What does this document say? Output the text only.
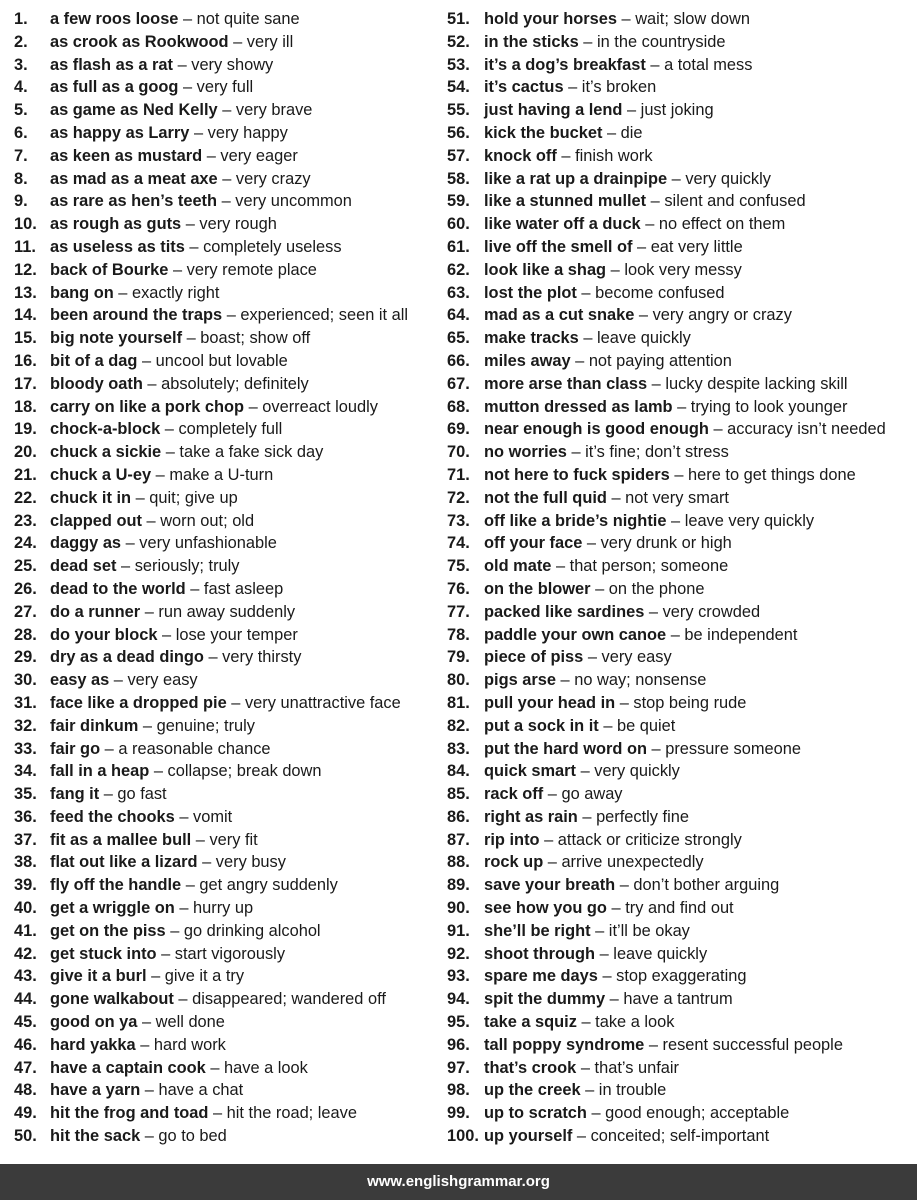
1.	a few roos loose – not quite sane
2.	as crook as Rookwood – very ill
3.	as flash as a rat – very showy
4.	as full as a goog – very full
5.	as game as Ned Kelly – very brave
6.	as happy as Larry – very happy
7.	as keen as mustard – very eager
8.	as mad as a meat axe – very crazy
9.	as rare as hen’s teeth – very uncommon
10. as rough as guts – very rough
11. as useless as tits – completely useless
12. back of Bourke – very remote place
13. bang on – exactly right
14. been around the traps – experienced; seen it all
15. big note yourself – boast; show off
16. bit of a dag – uncool but lovable
17. bloody oath – absolutely; definitely
18. carry on like a pork chop – overreact loudly
19. chock-a-block – completely full
20. chuck a sickie – take a fake sick day
21. chuck a U-ey – make a U-turn
22. chuck it in – quit; give up
23. clapped out – worn out; old
24. daggy as – very unfashionable
25. dead set – seriously; truly
26. dead to the world – fast asleep
27. do a runner – run away suddenly
28. do your block – lose your temper
29. dry as a dead dingo – very thirsty
30. easy as – very easy
31. face like a dropped pie – very unattractive face
32. fair dinkum – genuine; truly
33. fair go – a reasonable chance
34. fall in a heap – collapse; break down
35. fang it – go fast
36. feed the chooks – vomit
37. fit as a mallee bull – very fit
38. flat out like a lizard – very busy
39. fly off the handle – get angry suddenly
40. get a wriggle on – hurry up
41. get on the piss – go drinking alcohol
42. get stuck into – start vigorously
43. give it a burl – give it a try
44. gone walkabout – disappeared; wandered off
45. good on ya – well done
46. hard yakka – hard work
47. have a captain cook – have a look
48. have a yarn – have a chat
49. hit the frog and toad – hit the road; leave
50. hit the sack – go to bed
51. hold your horses – wait; slow down
52. in the sticks – in the countryside
53. it’s a dog’s breakfast – a total mess
54. it’s cactus – it’s broken
55. just having a lend – just joking
56. kick the bucket – die
57. knock off – finish work
58. like a rat up a drainpipe – very quickly
59. like a stunned mullet – silent and confused
60. like water off a duck – no effect on them
61. live off the smell of – eat very little
62. look like a shag – look very messy
63. lost the plot – become confused
64. mad as a cut snake – very angry or crazy
65. make tracks – leave quickly
66. miles away – not paying attention
67. more arse than class – lucky despite lacking skill
68. mutton dressed as lamb – trying to look younger
69. near enough is good enough – accuracy isn’t needed
70. no worries – it’s fine; don’t stress
71. not here to fuck spiders – here to get things done
72. not the full quid – not very smart
73. off like a bride’s nightie – leave very quickly
74. off your face – very drunk or high
75. old mate – that person; someone
76. on the blower – on the phone
77. packed like sardines – very crowded
78. paddle your own canoe – be independent
79. piece of piss – very easy
80. pigs arse – no way; nonsense
81. pull your head in – stop being rude
82. put a sock in it – be quiet
83. put the hard word on – pressure someone
84. quick smart – very quickly
85. rack off – go away
86. right as rain – perfectly fine
87. rip into – attack or criticize strongly
88. rock up – arrive unexpectedly
89. save your breath – don’t bother arguing
90. see how you go – try and find out
91. she’ll be right – it’ll be okay
92. shoot through – leave quickly
93. spare me days – stop exaggerating
94. spit the dummy – have a tantrum
95. take a squiz – take a look
96. tall poppy syndrome – resent successful people
97. that’s crook – that’s unfair
98. up the creek – in trouble
99. up to scratch – good enough; acceptable
100. up yourself – conceited; self-important
www.englishgrammar.org
